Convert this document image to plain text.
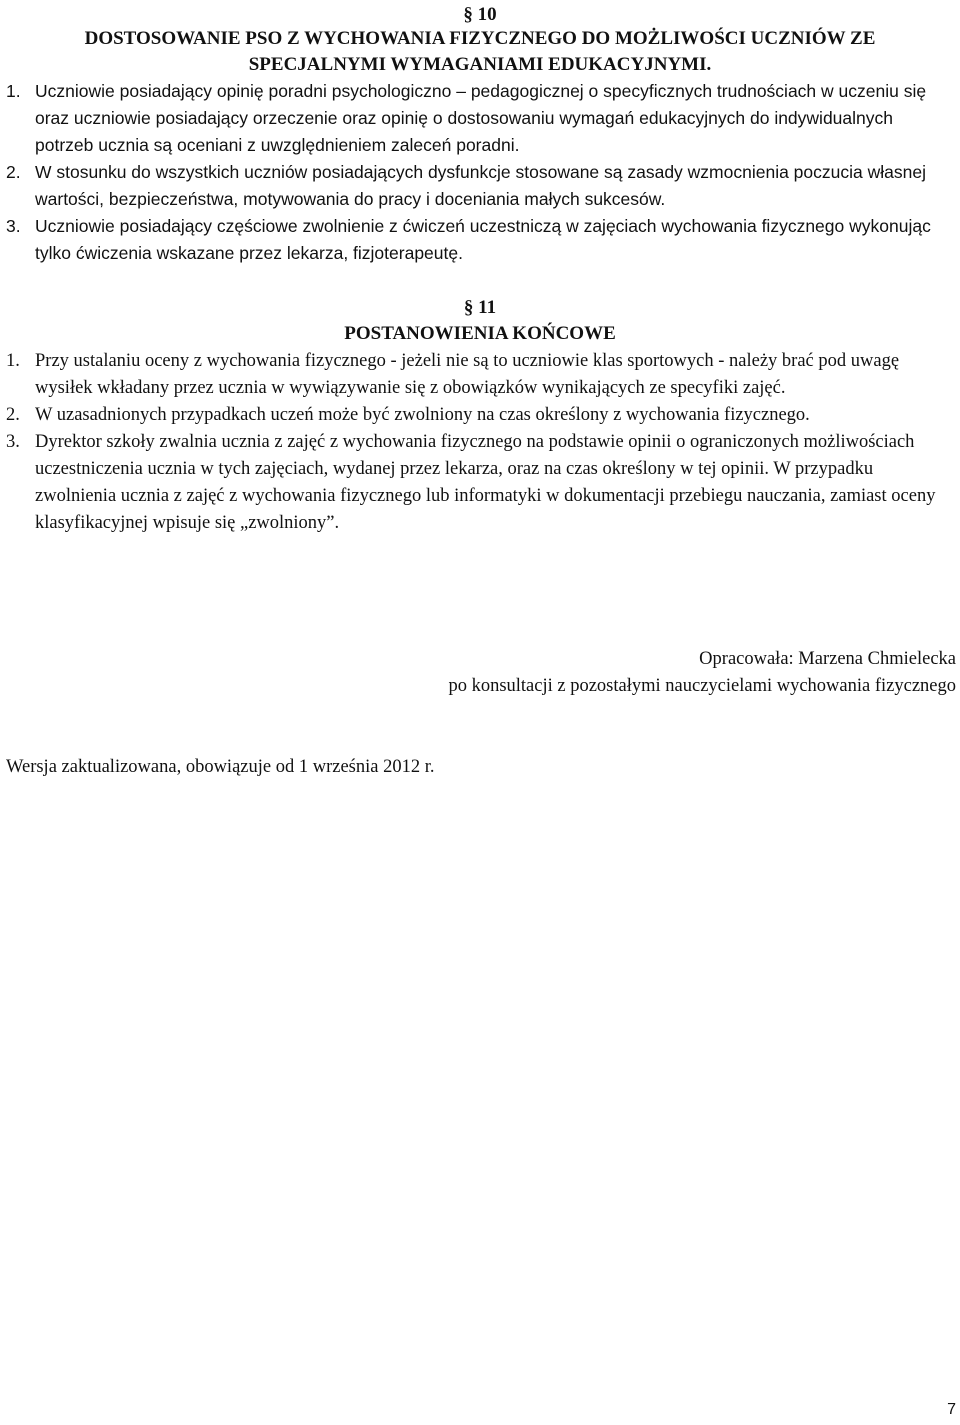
§ 10
DOSTOSOWANIE PSO Z WYCHOWANIA FIZYCZNEGO DO MOŻLIWOŚCI UCZNIÓW ZE
SPECJALNYMI WYMAGANIAMI EDUKACYJNYMI.
1. Uczniowie posiadający opinię poradni psychologiczno – pedagogicznej o specyficznych trudnościach w uczeniu się oraz uczniowie posiadający orzeczenie oraz opinię o dostosowaniu wymagań edukacyjnych do indywidualnych potrzeb ucznia są oceniani z uwzględnieniem zaleceń poradni.
2. W stosunku do wszystkich uczniów posiadających dysfunkcje stosowane są zasady wzmocnienia poczucia własnej wartości, bezpieczeństwa, motywowania do pracy i doceniania małych sukcesów.
3. Uczniowie posiadający częściowe zwolnienie z ćwiczeń uczestniczą w zajęciach wychowania fizycznego wykonując tylko ćwiczenia wskazane przez lekarza, fizjoterapeutę.
§ 11
POSTANOWIENIA KOŃCOWE
1. Przy ustalaniu oceny z wychowania fizycznego - jeżeli nie są to uczniowie klas sportowych - należy brać pod uwagę wysiłek wkładany przez ucznia w wywiązywanie się z obowiązków wynikających ze specyfiki zajęć.
2. W uzasadnionych przypadkach uczeń może być zwolniony na czas określony z wychowania fizycznego.
3. Dyrektor szkoły zwalnia ucznia z zajęć z wychowania fizycznego na podstawie opinii o ograniczonych możliwościach uczestniczenia ucznia w tych zajęciach, wydanej przez lekarza, oraz na czas określony w tej opinii. W przypadku zwolnienia ucznia z zajęć z wychowania fizycznego lub informatyki w dokumentacji przebiegu nauczania, zamiast oceny klasyfikacyjnej wpisuje się „zwolniony”.
Opracowała: Marzena Chmielecka
po konsultacji z pozostałymi nauczycielami wychowania fizycznego
Wersja zaktualizowana, obowiązuje od 1 września 2012 r.
7
